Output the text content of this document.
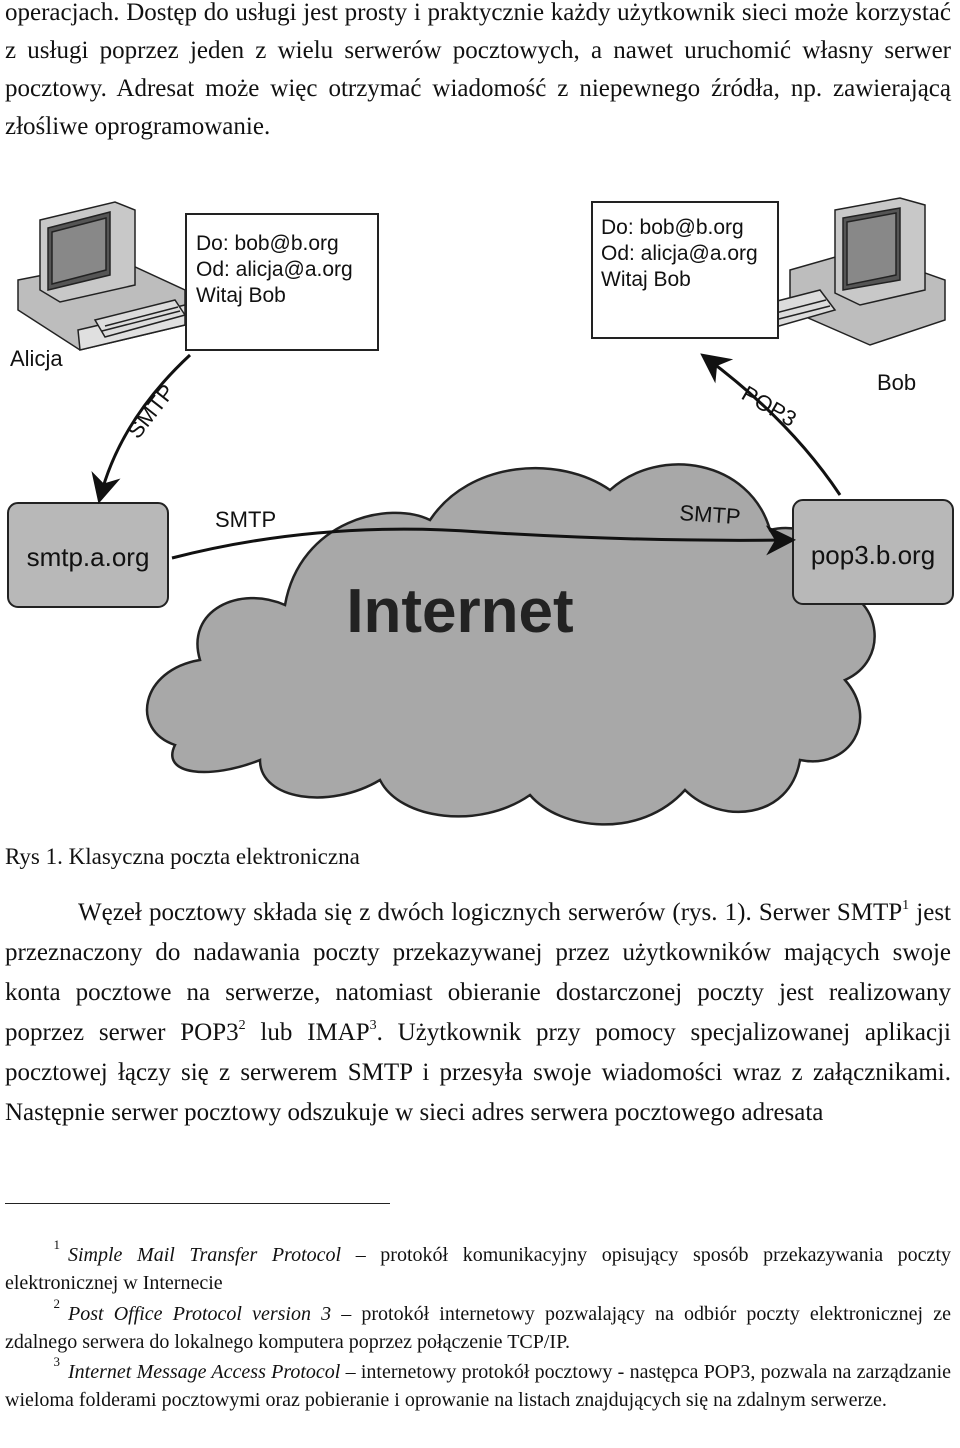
operacjach. Dostęp do usługi jest prosty i praktycznie każdy użytkownik sieci może korzystać z usługi poprzez jeden z wielu serwerów pocztowych, a nawet uruchomić własny serwer pocztowy. Adresat może więc otrzymać wiadomość z niepewnego źródła, np. zawierającą złośliwe oprogramowanie.

Internet
Do: bob@b.org
Od: alicja@a.org
Witaj Bob
Do: bob@b.org
Od: alicja@a.org
Witaj Bob
Alicja
Bob
smtp.a.org	pop3.b.org
SMTP	POP3
SMTP	SMTP
Rys 1. Klasyczna poczta elektroniczna

Węzeł pocztowy składa się z dwóch logicznych serwerów (rys. 1). Serwer SMTP$^1$ jest przeznaczony do nadawania poczty przekazywanej przez użytkowników mających swoje konta pocztowe na serwerze, natomiast obieranie dostarczonej poczty jest realizowany poprzez serwer $POP3^2$ lub IMAP$^3$. Użytkownik przy pomocy specjalizowanej aplikacji pocztowej łączy się z serwerem SMTP i przesyła swoje wiadomości wraz z załącznikami. Następnie serwer pocztowy odszukuje w sieci adres serwera pocztowego adresata

$^1$ Simple Mail Transfer Protocol – protokół komunikacyjny opisujący sposób przekazywania poczty elektronicznej w Internecie

$^2$ Post Office Protocol version 3 – protokół internetowy pozwalający na odbiór poczty elektronicznej ze zdalnego serwera do lokalnego komputera poprzez połączenie TCP/IP.

$^3$ Internet Message Access Protocol – internetowy protokół pocztowy - następca POP3, pozwala na zarządzanie wieloma folderami pocztowymi oraz pobieranie i oprowanie na listach znajdujących się na zdalnym serwerze.
